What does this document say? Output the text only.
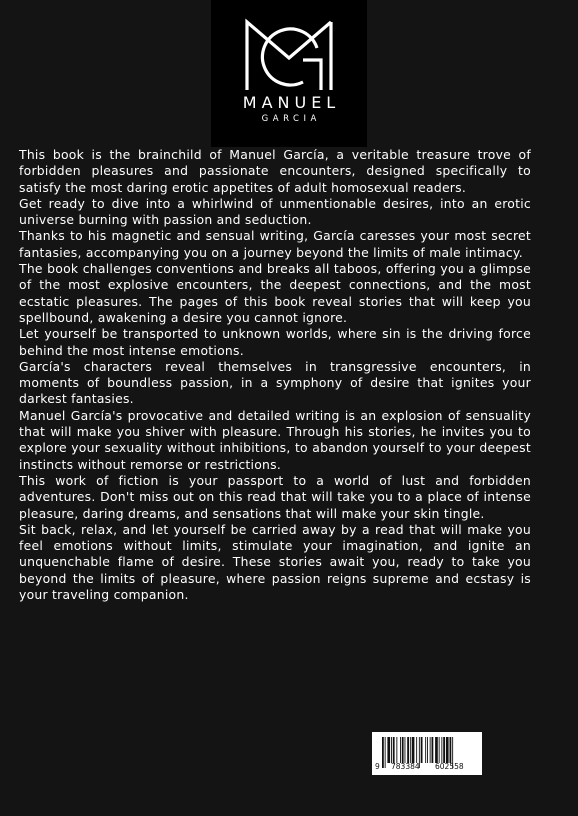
MANUEL
GARCIA

This book is the brainchild of Manuel García, a veritable treasure trove of forbidden pleasures and passionate encounters, designed specifically to satisfy the most daring erotic appetites of adult homosexual readers.

Get ready to dive into a whirlwind of unmentionable desires, into an erotic universe burning with passion and seduction.

Thanks to his magnetic and sensual writing, García caresses your most secret fantasies, accompanying you on a journey beyond the limits of male intimacy.

The book challenges conventions and breaks all taboos, offering you a glimpse of the most explosive encounters, the deepest connections, and the most ecstatic pleasures. The pages of this book reveal stories that will keep you spellbound, awakening a desire you cannot ignore.

Let yourself be transported to unknown worlds, where sin is the driving force behind the most intense emotions.

García's characters reveal themselves in transgressive encounters, in moments of boundless passion, in a symphony of desire that ignites your darkest fantasies.

Manuel García's provocative and detailed writing is an explosion of sensuality that will make you shiver with pleasure. Through his stories, he invites you to explore your sexuality without inhibitions, to abandon yourself to your deepest instincts without remorse or restrictions.

This work of fiction is your passport to a world of lust and forbidden adventures. Don't miss out on this read that will take you to a place of intense pleasure, daring dreams, and sensations that will make your skin tingle.

Sit back, relax, and let yourself be carried away by a read that will make you feel emotions without limits, stimulate your imagination, and ignite an unquenchable flame of desire. These stories await you, ready to take you beyond the limits of pleasure, where passion reigns supreme and ecstasy is your traveling companion.

9 783384 602558
